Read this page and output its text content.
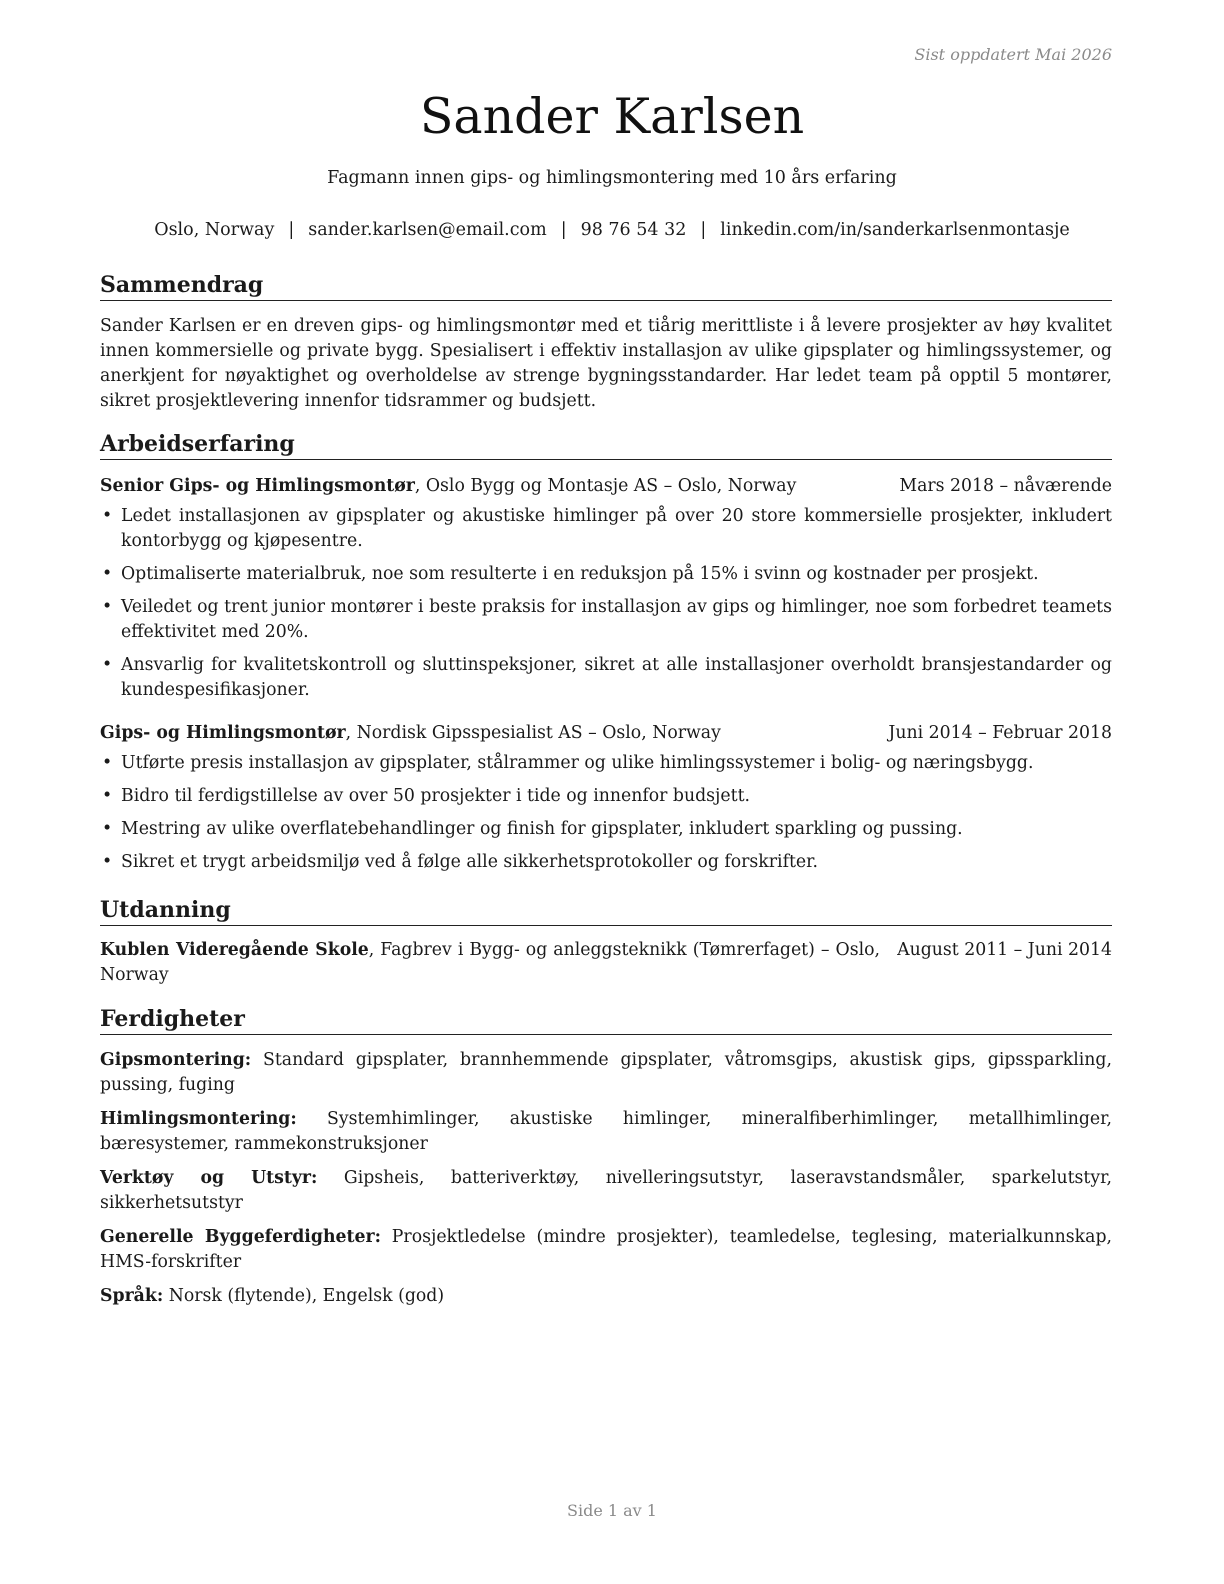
Sist oppdatert Mai 2026
Sander Karlsen
Fagmann innen gips- og himlingsmontering med 10 års erfaring
Oslo, Norway | sander.karlsen@email.com | 98 76 54 32 | linkedin.com/in/sanderkarlsenmontasje
Sammendrag
Sander Karlsen er en dreven gips- og himlingsmontør med et tiårig merittliste i å levere prosjekter av høy kvalitet innen kommersielle og private bygg. Spesialisert i effektiv installasjon av ulike gipsplater og himlingssystemer, og anerkjent for nøyaktighet og overholdelse av strenge bygningsstandarder. Har ledet team på opptil 5 montører, sikret prosjektlevering innenfor tidsrammer og budsjett.
Arbeidserfaring
Senior Gips- og Himlingsmontør, Oslo Bygg og Montasje AS – Oslo, Norway	Mars 2018 – nåværende
• Ledet installasjonen av gipsplater og akustiske himlinger på over 20 store kommersielle prosjekter, inkludert kontorbygg og kjøpesentre.
• Optimaliserte materialbruk, noe som resulterte i en reduksjon på 15% i svinn og kostnader per prosjekt.
• Veiledet og trent junior montører i beste praksis for installasjon av gips og himlinger, noe som forbedret teamets effektivitet med 20%.
• Ansvarlig for kvalitetskontroll og sluttinspeksjoner, sikret at alle installasjoner overholdt bransjestandarder og kundespesifikasjoner.
Gips- og Himlingsmontør, Nordisk Gipsspesialist AS – Oslo, Norway	Juni 2014 – Februar 2018
• Utførte presis installasjon av gipsplater, stålrammer og ulike himlingssystemer i bolig- og næringsbygg.
• Bidro til ferdigstillelse av over 50 prosjekter i tide og innenfor budsjett.
• Mestring av ulike overflatebehandlinger og finish for gipsplater, inkludert sparkling og pussing.
• Sikret et trygt arbeidsmiljø ved å følge alle sikkerhetsprotokoller og forskrifter.
Utdanning
Kublen Videregående Skole, Fagbrev i Bygg- og anleggsteknikk (Tømrerfaget) – Oslo, Norway
August 2011 – Juni 2014
Ferdigheter
Gipsmontering: Standard gipsplater, brannhemmende gipsplater, våtromsgips, akustisk gips, gipssparkling, pussing, fuging
Himlingsmontering: Systemhimlinger, akustiske himlinger, mineralfiberhimlinger, metallhimlinger, bæresystemer, rammekonstruksjoner
Verktøy og Utstyr: Gipsheis, batteriverktøy, nivelleringsutstyr, laseravstandsmåler, sparkelutstyr, sikkerhetsutstyr
Generelle Byggeferdigheter: Prosjektledelse (mindre prosjekter), teamledelse, teglesing, materialkunnskap, HMS-forskrifter
Språk: Norsk (flytende), Engelsk (god)
Side 1 av 1
